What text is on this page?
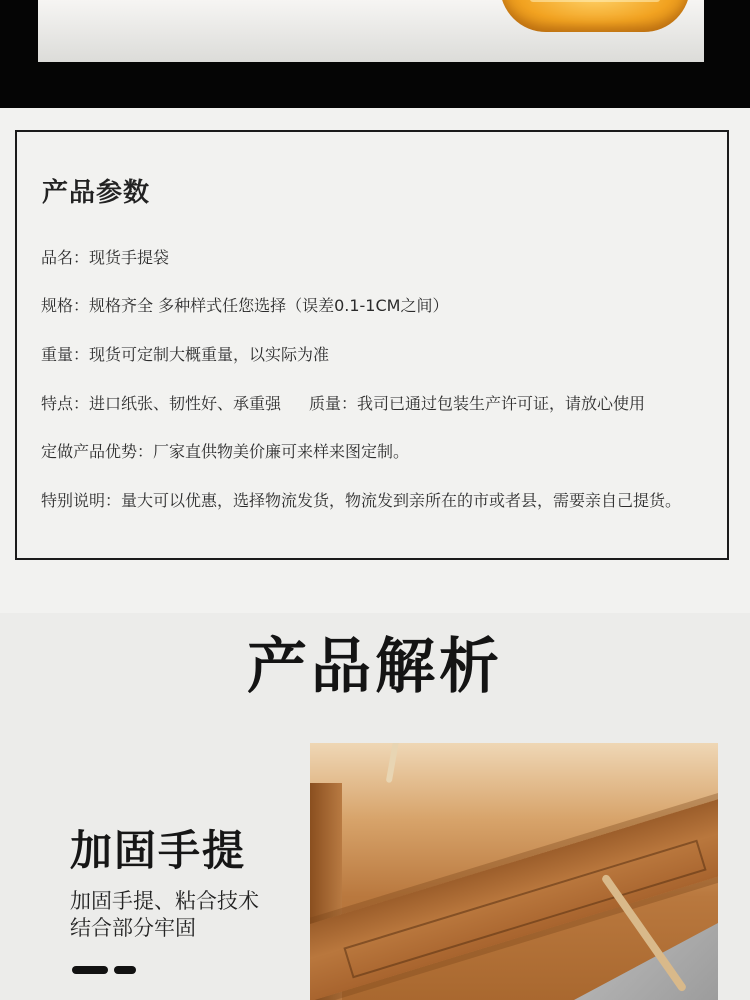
产品参数
品名：现货手提袋
规格：规格齐全 多种样式任您选择（误差0.1-1CM之间）
重量：现货可定制大概重量，以实际为准
特点：进口纸张、韧性好、承重强 质量：我司已通过包装生产许可证，请放心使用
定做产品优势：厂家直供物美价廉可来样来图定制。
特别说明：量大可以优惠，选择物流发货，物流发到亲所在的市或者县，需要亲自己提货。
产品解析
加固手提
加固手提、粘合技术
结合部分牢固
